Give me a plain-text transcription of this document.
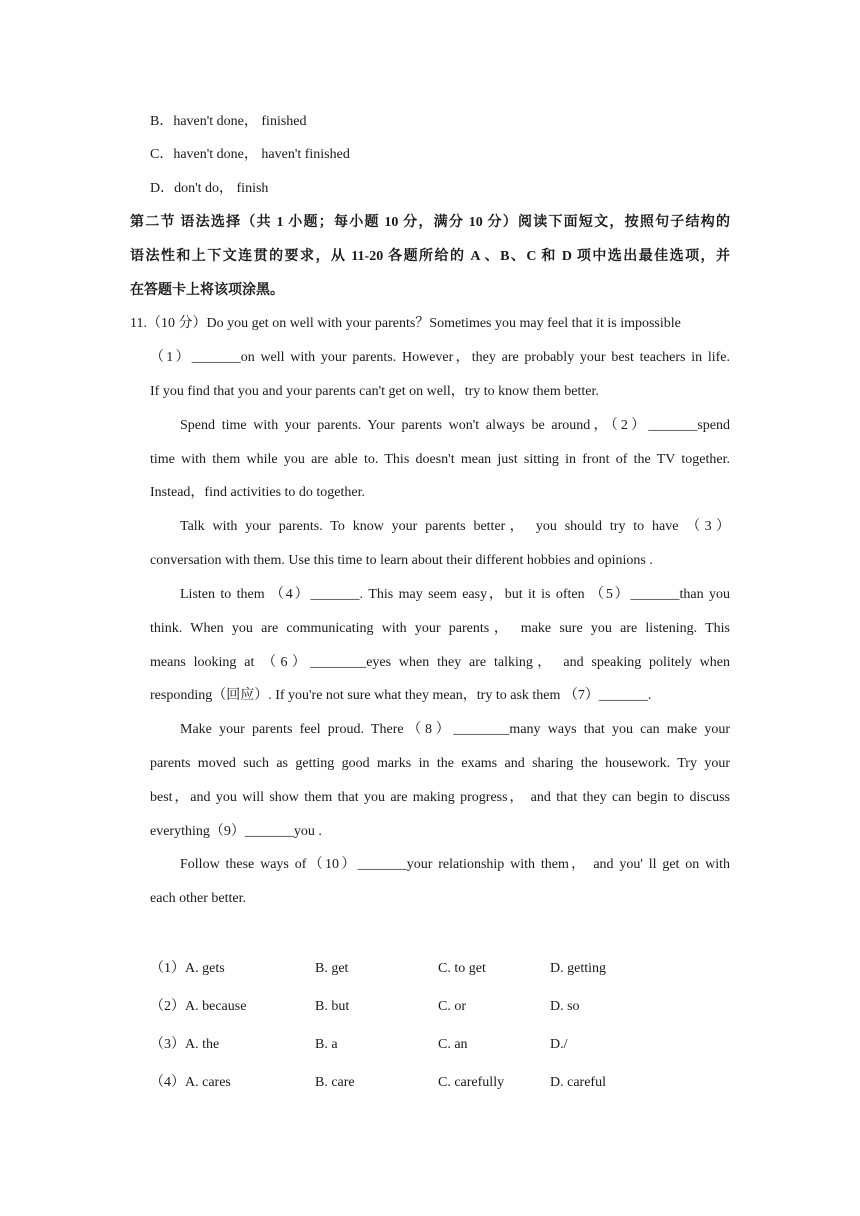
B．haven't done， finished
C．haven't done， haven't finished
D．don't do， finish
第二节 语法选择（共 1 小题；每小题 10 分，满分 10 分）阅读下面短文，按照句子结构的
语法性和上下文连贯的要求，从 11-20 各题所给的 A 、B、C 和 D 项中选出最佳选项，并
在答题卡上将该项涂黑。
11.（10 分）Do you get on well with your parents？Sometimes you may feel that it is impossible
（1）_______on well with your parents. However，they are probably your best teachers in life.
If you find that you and your parents can't get on well，try to know them better.
Spend time with your parents. Your parents won't always be around，（2）_______spend
time with them while you are able to. This doesn't mean just sitting in front of the TV together.
Instead，find activities to do together.
Talk with your parents. To know your parents better， you should try to have （3）
conversation with them. Use this time to learn about their different hobbies and opinions .
Listen to them （4）_______. This may seem easy，but it is often （5）_______than you
think. When you are communicating with your parents， make sure you are listening. This
means looking at （6）________eyes when they are talking， and speaking politely when
responding（回应）. If you're not sure what they mean，try to ask them （7）_______.
Make your parents feel proud. There（8）________many ways that you can make your
parents moved such as getting good marks in the exams and sharing the housework. Try your
best，and you will show them that you are making progress， and that they can begin to discuss
everything（9）_______you .
Follow these ways of（10）_______your relationship with them， and you' ll get on with
each other better.
（1）A. gets	B. get	C. to get	D. getting
（2）A. because	B. but	C. or	D. so
（3）A. the	B. a	C. an	D./
（4）A. cares	B. care	C. carefully	D. careful
